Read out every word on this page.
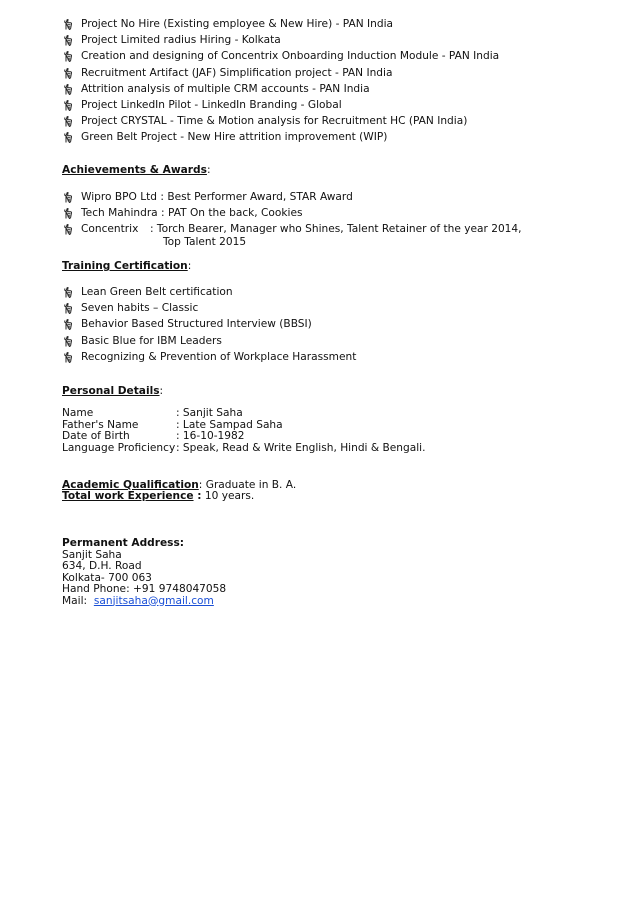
Project No Hire (Existing employee & New Hire) - PAN India
Project Limited radius Hiring - Kolkata
Creation and designing of Concentrix Onboarding Induction Module - PAN India
Recruitment Artifact (JAF) Simplification project - PAN India
Attrition analysis of multiple CRM accounts - PAN India
Project LinkedIn Pilot - LinkedIn Branding - Global
Project CRYSTAL - Time & Motion analysis for Recruitment HC (PAN India)
Green Belt Project - New Hire attrition improvement (WIP)
Achievements & Awards:
Wipro BPO Ltd : Best Performer Award, STAR Award
Tech Mahindra : PAT On the back, Cookies
Concentrix : Torch Bearer, Manager who Shines, Talent Retainer of the year 2014,
Top Talent 2015
Training Certification:
Lean Green Belt certification
Seven habits – Classic
Behavior Based Structured Interview (BBSI)
Basic Blue for IBM Leaders
Recognizing & Prevention of Workplace Harassment
Personal Details:
Name	: Sanjit Saha
Father's Name	: Late Sampad Saha
Date of Birth	: 16-10-1982
Language Proficiency: Speak, Read & Write English, Hindi & Bengali.
Academic Qualification: Graduate in B. A.
Total work Experience : 10 years.
Permanent Address:
Sanjit Saha
634, D.H. Road
Kolkata- 700 063
Hand Phone: +91 9748047058
Mail: sanjitsaha@gmail.com
